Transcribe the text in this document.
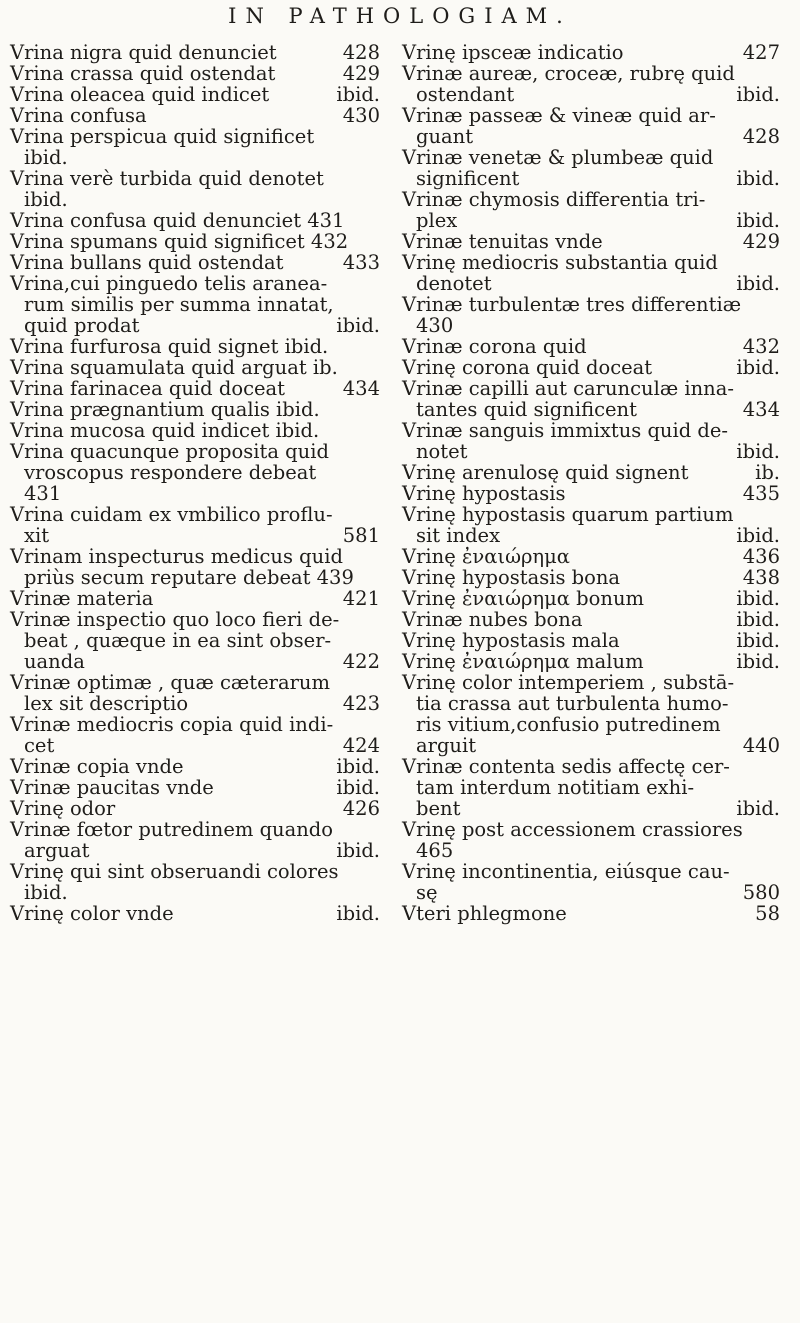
IN PATHOLOGIAM.
Vrina nigra quid denunciet	428
Vrina crassa quid ostendat	429
Vrina oleacea quid indicet	ibid.
Vrina confusa	430
Vrina perspicua quid significet
ibid.
Vrina verè turbida quid denotet
ibid.
Vrina confusa quid denunciet 431
Vrina spumans quid significet 432
Vrina bullans quid ostendat	433
Vrina,cui pinguedo telis aranea-
rum similis per summa innatat,
quid prodat	ibid.
Vrina furfurosa quid signet ibid.
Vrina squamulata quid arguat ib.
Vrina farinacea quid doceat	434
Vrina prægnantium qualis ibid.
Vrina mucosa quid indicet ibid.
Vrina quacunque proposita quid
vroscopus respondere debeat
431
Vrina cuidam ex vmbilico proflu-
xit	581
Vrinam inspecturus medicus quid
priùs secum reputare debeat 439
Vrinæ materia	421
Vrinæ inspectio quo loco fieri de-
beat , quæque in ea sint obser-
uanda	422
Vrinæ optimæ , quæ cæterarum
lex sit descriptio	423
Vrinæ mediocris copia quid indi-
cet	424
Vrinæ copia vnde	ibid.
Vrinæ paucitas vnde	ibid.
Vrinę odor	426
Vrinæ fœtor putredinem quando
arguat	ibid.
Vrinę qui sint obseruandi colores
ibid.
Vrinę color vnde	ibid.
Vrinę ipsceæ indicatio	427
Vrinæ aureæ, croceæ, rubrę quid
ostendant	ibid.
Vrinæ passeæ & vineæ quid ar-
guant	428
Vrinæ venetæ & plumbeæ quid
significent	ibid.
Vrinæ chymosis differentia tri-
plex	ibid.
Vrinæ tenuitas vnde	429
Vrinę mediocris substantia quid
denotet	ibid.
Vrinæ turbulentæ tres differentiæ
430
Vrinæ corona quid	432
Vrinę corona quid doceat	ibid.
Vrinæ capilli aut carunculæ inna-
tantes quid significent	434
Vrinæ sanguis immixtus quid de-
notet	ibid.
Vrinę arenulosę quid signent	ib.
Vrinę hypostasis	435
Vrinę hypostasis quarum partium
sit index	ibid.
Vrinę ἐναιώρημα	436
Vrinę hypostasis bona	438
Vrinę ἐναιώρημα bonum	ibid.
Vrinæ nubes bona	ibid.
Vrinę hypostasis mala	ibid.
Vrinę ἐναιώρημα malum	ibid.
Vrinę color intemperiem , substā-
tia crassa aut turbulenta humo-
ris vitium,confusio putredinem
arguit	440
Vrinæ contenta sedis affectę cer-
tam interdum notitiam exhi-
bent	ibid.
Vrinę post accessionem crassiores
465
Vrinę incontinentia, eiúsque cau-
sę	580
Vteri phlegmone	58
